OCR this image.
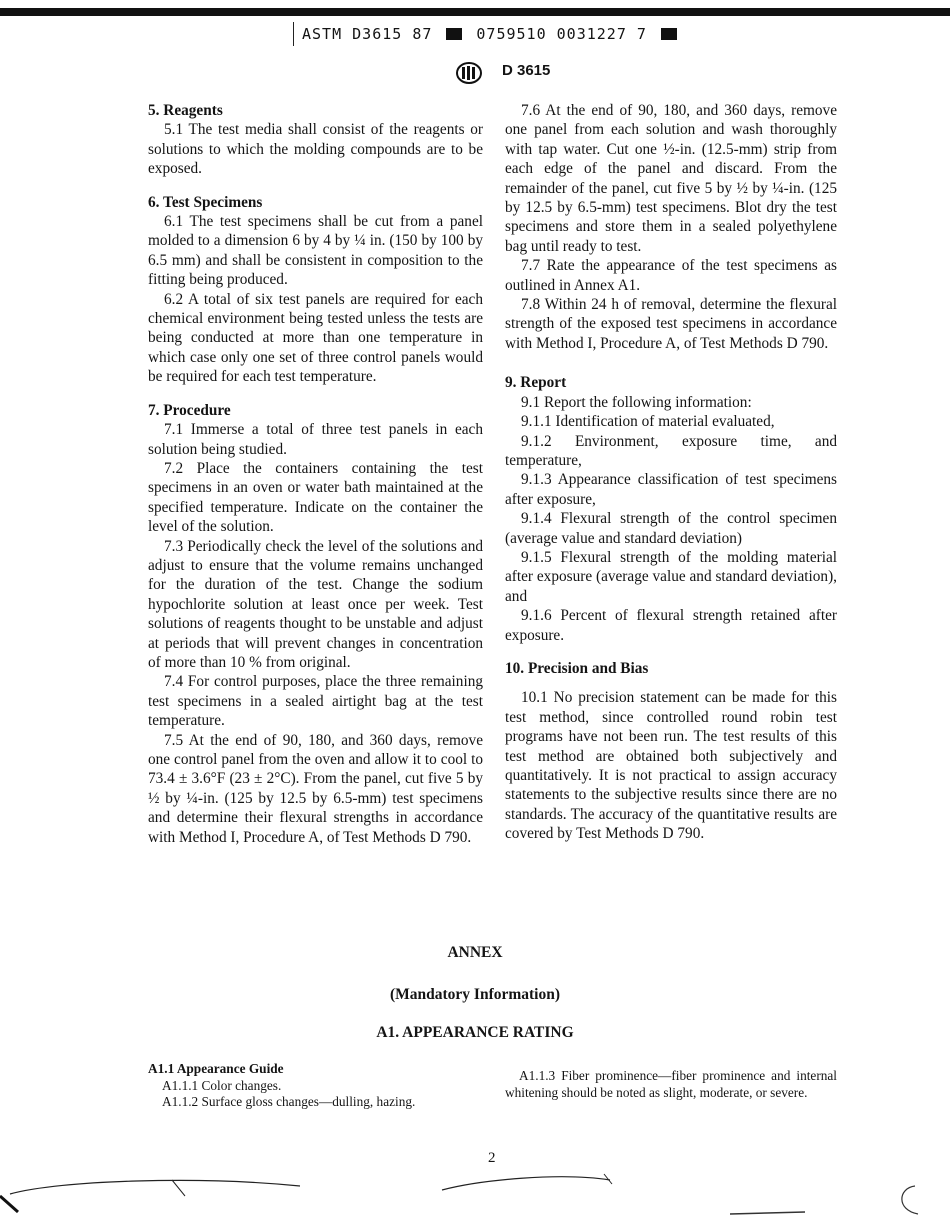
ASTM D3615 87	0759510 0031227 7
D 3615
5. Reagents

5.1 The test media shall consist of the reagents or solutions to which the molding compounds are to be exposed.

6. Test Specimens

6.1 The test specimens shall be cut from a panel molded to a dimension 6 by 4 by ¼ in. (150 by 100 by 6.5 mm) and shall be consistent in composition to the fitting being produced.

6.2 A total of six test panels are required for each chemical environment being tested unless the tests are being conducted at more than one temperature in which case only one set of three control panels would be required for each test temperature.

7. Procedure

7.1 Immerse a total of three test panels in each solution being studied.

7.2 Place the containers containing the test specimens in an oven or water bath maintained at the specified temperature. Indicate on the container the level of the solution.

7.3 Periodically check the level of the solutions and adjust to ensure that the volume remains unchanged for the duration of the test. Change the sodium hypochlorite solution at least once per week. Test solutions of reagents thought to be unstable and adjust at periods that will prevent changes in concentration of more than 10 % from original.

7.4 For control purposes, place the three remaining test specimens in a sealed airtight bag at the test temperature.

7.5 At the end of 90, 180, and 360 days, remove one control panel from the oven and allow it to cool to 73.4 ± 3.6°F (23 ± 2°C). From the panel, cut five 5 by ½ by ¼-in. (125 by 12.5 by 6.5-mm) test specimens and determine their flexural strengths in accordance with Method I, Procedure A, of Test Methods D 790.

7.6 At the end of 90, 180, and 360 days, remove one panel from each solution and wash thoroughly with tap water. Cut one ½-in. (12.5-mm) strip from each edge of the panel and discard. From the remainder of the panel, cut five 5 by ½ by ¼-in. (125 by 12.5 by 6.5-mm) test specimens. Blot dry the test specimens and store them in a sealed polyethylene bag until ready to test.

7.7 Rate the appearance of the test specimens as outlined in Annex A1.

7.8 Within 24 h of removal, determine the flexural strength of the exposed test specimens in accordance with Method I, Procedure A, of Test Methods D 790.

9. Report

9.1 Report the following information:

9.1.1 Identification of material evaluated,

9.1.2 Environment, exposure time, and temperature,

9.1.3 Appearance classification of test specimens after exposure,

9.1.4 Flexural strength of the control specimen (average value and standard deviation)

9.1.5 Flexural strength of the molding material after exposure (average value and standard deviation), and

9.1.6 Percent of flexural strength retained after exposure.

10. Precision and Bias

10.1 No precision statement can be made for this test method, since controlled round robin test programs have not been run. The test results of this test method are obtained both subjectively and quantitatively. It is not practical to assign accuracy statements to the subjective results since there are no standards. The accuracy of the quantitative results are covered by Test Methods D 790.

ANNEX
(Mandatory Information)
A1. APPEARANCE RATING
A1.1 Appearance Guide

A1.1.1 Color changes.

A1.1.2 Surface gloss changes—dulling, hazing.

A1.1.3 Fiber prominence—fiber prominence and internal whitening should be noted as slight, moderate, or severe.

2
